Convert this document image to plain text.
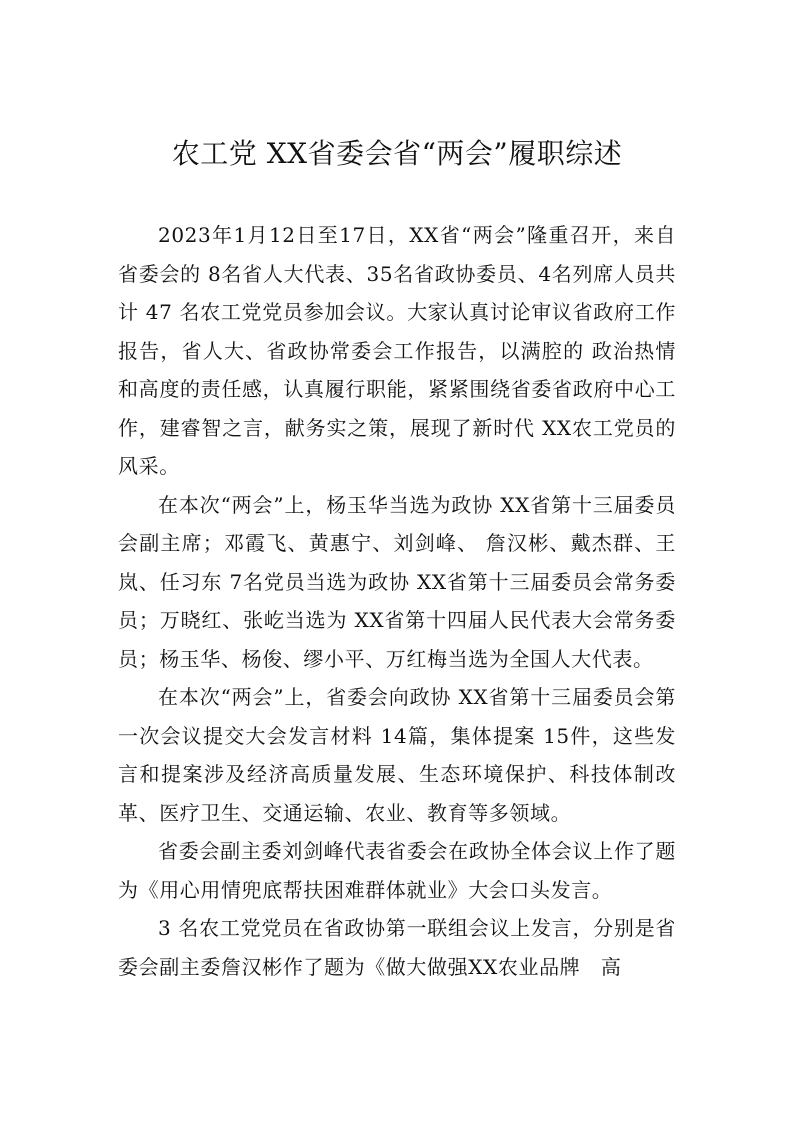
农工党 XX省委会省“两会”履职综述

2023年1月12日至17日，XX省“两会”隆重召开，来自省委会的 8名省人大代表、35名省政协委员、4名列席人员共计 47 名农工党党员参加会议。大家认真讨论审议省政府工作报告，省人大、省政协常委会工作报告，以满腔的 政治热情和高度的责任感，认真履行职能，紧紧围绕省委省政府中心工作，建睿智之言，献务实之策，展现了新时代 XX农工党员的风采。

在本次“两会”上，杨玉华当选为政协 XX省第十三届委员会副主席；邓霞飞、黄惠宁、刘剑峰、 詹汉彬、戴杰群、王岚、任习东 7名党员当选为政协 XX省第十三届委员会常务委员；万晓红、张屹当选为 XX省第十四届人民代表大会常务委员；杨玉华、杨俊、缪小平、万红梅当选为全国人大代表。

在本次“两会”上，省委会向政协 XX省第十三届委员会第一次会议提交大会发言材料 14篇，集体提案 15件，这些发言和提案涉及经济高质量发展、生态环境保护、科技体制改革、医疗卫生、交通运输、农业、教育等多领域。

省委会副主委刘剑峰代表省委会在政协全体会议上作了题为《用心用情兜底帮扶困难群体就业》大会口头发言。

3 名农工党党员在省政协第一联组会议上发言，分别是省委会副主委詹汉彬作了题为《做大做强XX农业品牌　高
